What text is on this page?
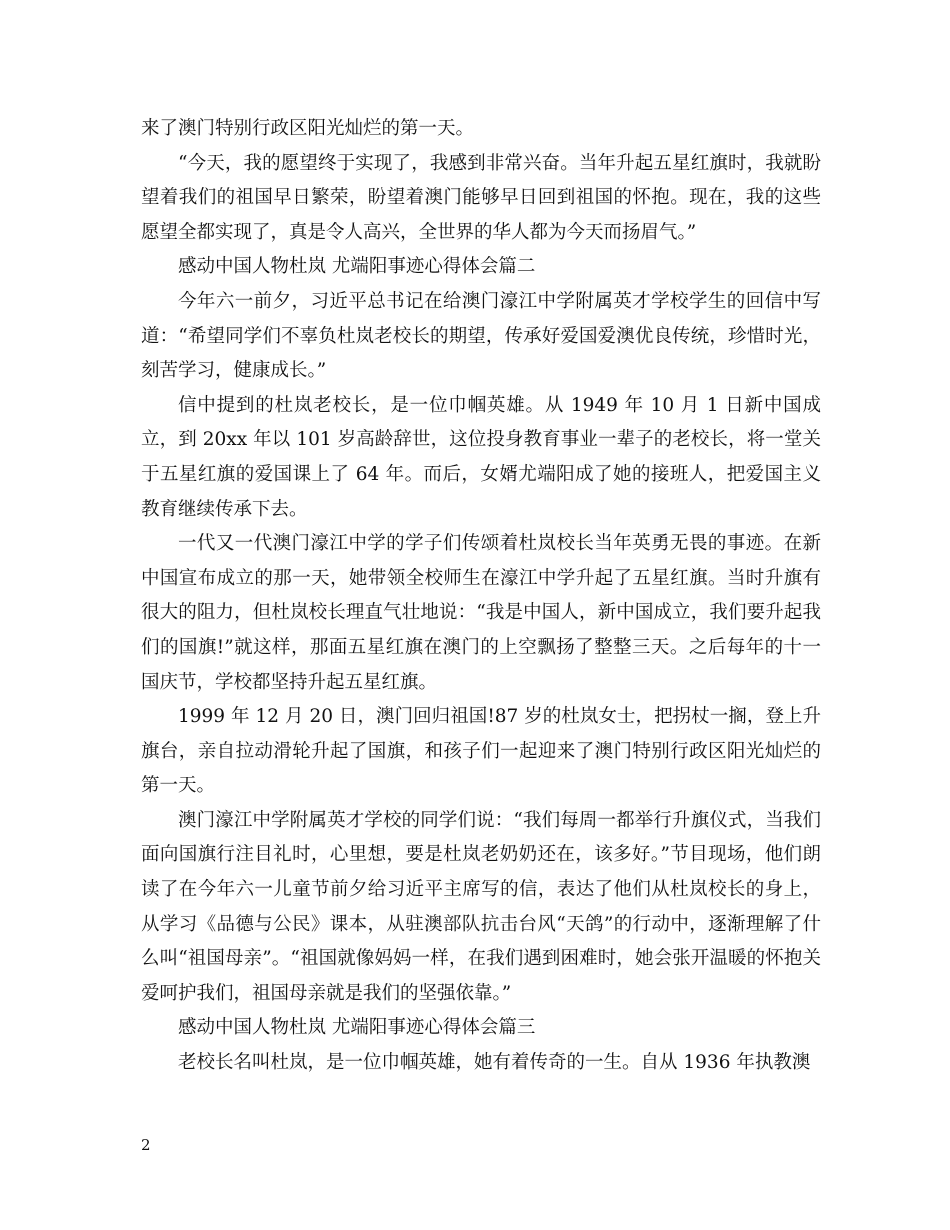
来了澳门特别行政区阳光灿烂的第一天。

“今天，我的愿望终于实现了，我感到非常兴奋。当年升起五星红旗时，我就盼望着我们的祖国早日繁荣，盼望着澳门能够早日回到祖国的怀抱。现在，我的这些愿望全都实现了，真是令人高兴，全世界的华人都为今天而扬眉气。”

感动中国人物杜岚 尤端阳事迹心得体会篇二

今年六一前夕，习近平总书记在给澳门濠江中学附属英才学校学生的回信中写道：“希望同学们不辜负杜岚老校长的期望，传承好爱国爱澳优良传统，珍惜时光，刻苦学习，健康成长。”

信中提到的杜岚老校长，是一位巾帼英雄。从 1949 年 10 月 1 日新中国成立，到 20xx 年以 101 岁高龄辞世，这位投身教育事业一辈子的老校长，将一堂关于五星红旗的爱国课上了 64 年。而后，女婿尤端阳成了她的接班人，把爱国主义教育继续传承下去。

一代又一代澳门濠江中学的学子们传颂着杜岚校长当年英勇无畏的事迹。在新中国宣布成立的那一天，她带领全校师生在濠江中学升起了五星红旗。当时升旗有很大的阻力，但杜岚校长理直气壮地说：“我是中国人，新中国成立，我们要升起我们的国旗!”就这样，那面五星红旗在澳门的上空飘扬了整整三天。之后每年的十一国庆节，学校都坚持升起五星红旗。

1999 年 12 月 20 日，澳门回归祖国!87 岁的杜岚女士，把拐杖一搁，登上升旗台，亲自拉动滑轮升起了国旗，和孩子们一起迎来了澳门特别行政区阳光灿烂的第一天。

澳门濠江中学附属英才学校的同学们说：“我们每周一都举行升旗仪式，当我们面向国旗行注目礼时，心里想，要是杜岚老奶奶还在，该多好。”节目现场，他们朗读了在今年六一儿童节前夕给习近平主席写的信，表达了他们从杜岚校长的身上，从学习《品德与公民》课本，从驻澳部队抗击台风“天鸽”的行动中，逐渐理解了什么叫“祖国母亲”。“祖国就像妈妈一样，在我们遇到困难时，她会张开温暖的怀抱关爱呵护我们，祖国母亲就是我们的坚强依靠。”

感动中国人物杜岚 尤端阳事迹心得体会篇三

老校长名叫杜岚，是一位巾帼英雄，她有着传奇的一生。自从 1936 年执教澳

2
